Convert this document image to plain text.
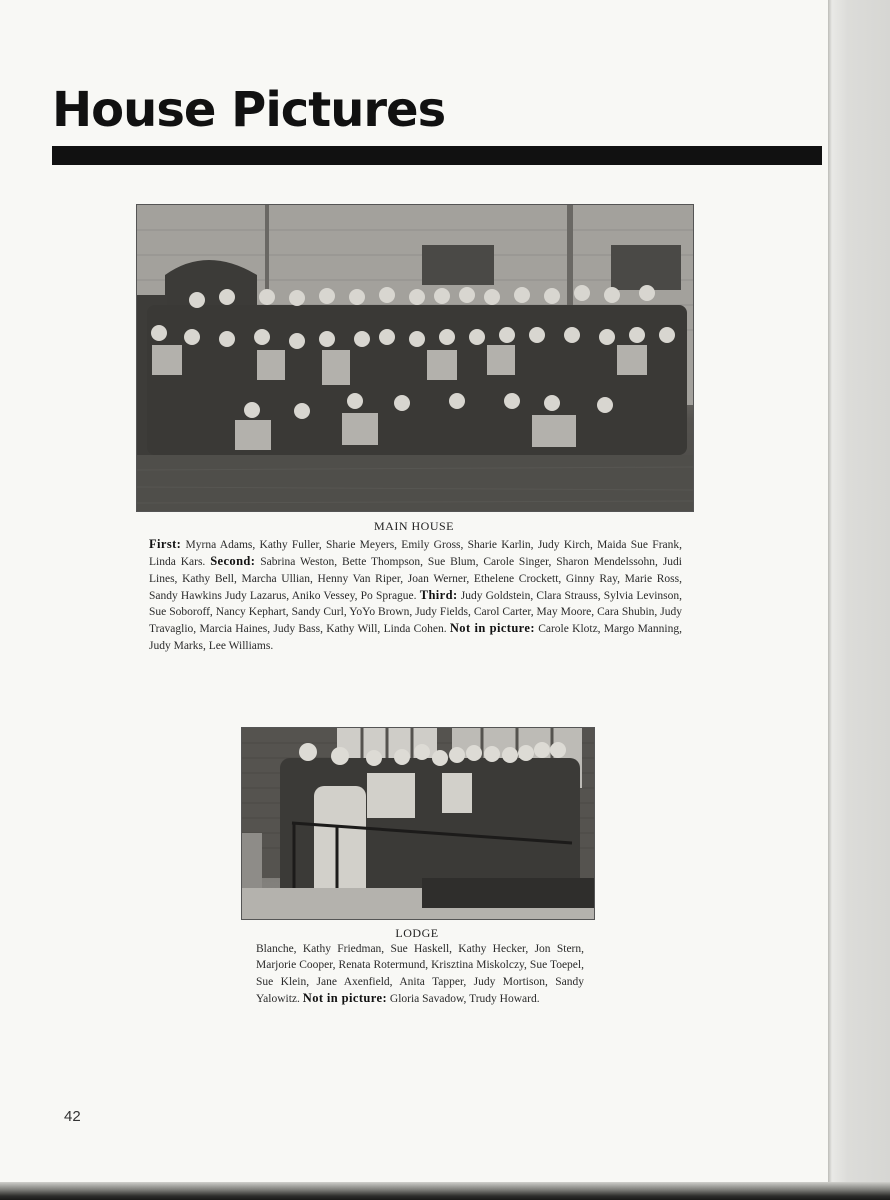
House Pictures

MAIN HOUSE

First: Myrna Adams, Kathy Fuller, Sharie Meyers, Emily Gross, Sharie Karlin, Judy Kirch, Maida Sue Frank, Linda Kars. Second: Sabrina Weston, Bette Thompson, Sue Blum, Carole Singer, Sharon Mendelssohn, Judi Lines, Kathy Bell, Marcha Ullian, Henny Van Riper, Joan Werner, Ethelene Crockett, Ginny Ray, Marie Ross, Sandy Hawkins Judy Lazarus, Aniko Vessey, Po Sprague. Third: Judy Goldstein, Clara Strauss, Sylvia Levinson, Sue Soboroff, Nancy Kephart, Sandy Curl, YoYo Brown, Judy Fields, Carol Carter, May Moore, Cara Shubin, Judy Travaglio, Marcia Haines, Judy Bass, Kathy Will, Linda Cohen. Not in picture: Carole Klotz, Margo Manning, Judy Marks, Lee Williams.

LODGE

Blanche, Kathy Friedman, Sue Haskell, Kathy Hecker, Jon Stern, Marjorie Cooper, Renata Rotermund, Krisztina Miskolczy, Sue Toepel, Sue Klein, Jane Axenfield, Anita Tapper, Judy Mortison, Sandy Yalowitz. Not in picture: Gloria Savadow, Trudy Howard.

42
